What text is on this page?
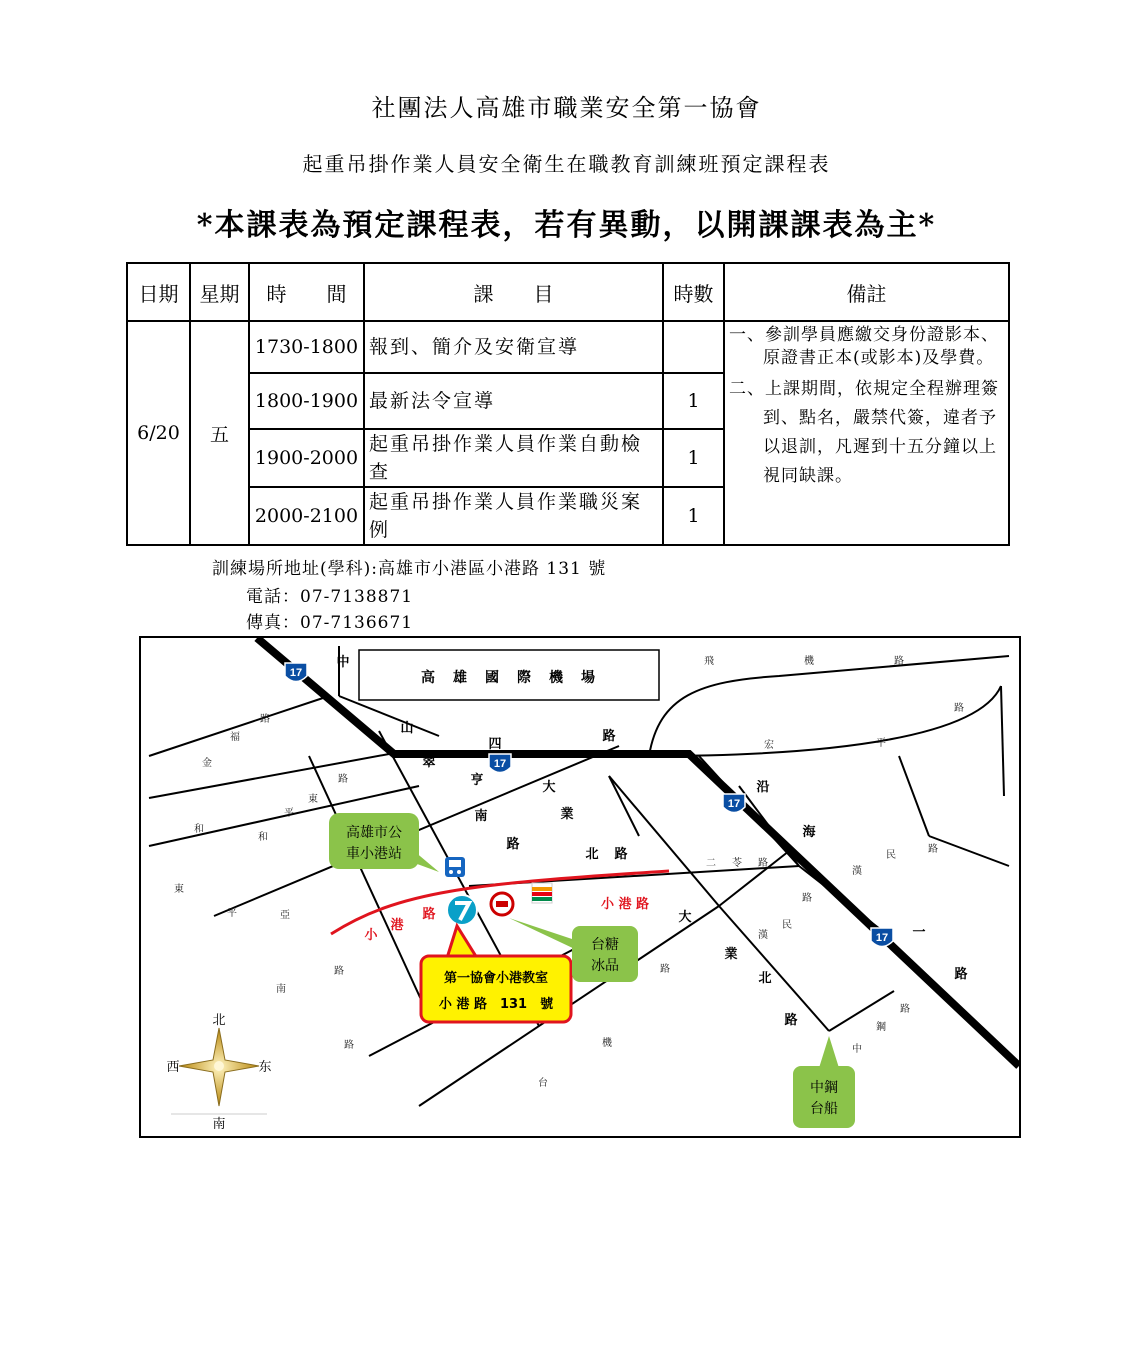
社團法人高雄市職業安全第一協會
起重吊掛作業人員安全衛生在職教育訓練班預定課程表
*本課表為預定課程表，若有異動，以開課課表為主*
日期	星期	時　　間	課　　目	時數	備註
6/20	五	1730-1800	報到、簡介及安衛宣導		一、參訓學員應繳交身份證影本、原證書正本(或影本)及學費。
二、上課期間，依規定全程辦理簽到、點名，嚴禁代簽，違者予以退訓，凡遲到十五分鐘以上視同缺課。

		1800-1900	最新法令宣導	1	
		1900-2000	起重吊掛作業人員作業自動檢查	1	
		2000-2100	起重吊掛作業人員作業職災案例	1	
訓練場所地址(學科):高雄市小港區小港路 131 號
電話：07-7138871
傳真：07-7136671
高　雄　國　際　機　場
17
17
17
17
中
山
四
路
翠
亨
南
路
大
業
北 路
沿
海
一
路
大
業
北
路
飛	機	路
宏	平
路
路
福
金
路
東
平
和
和
東
平	亞
路
南
路
二 苓 路
漢
民
路
路
民
漢
路
鋼
中
路
機
台
小
港
路
小 港 路
高雄市公
車小港站
第一協會小港教室
小 港 路　131　號
台糖
冰品
中鋼
台船
北
南
东
西
